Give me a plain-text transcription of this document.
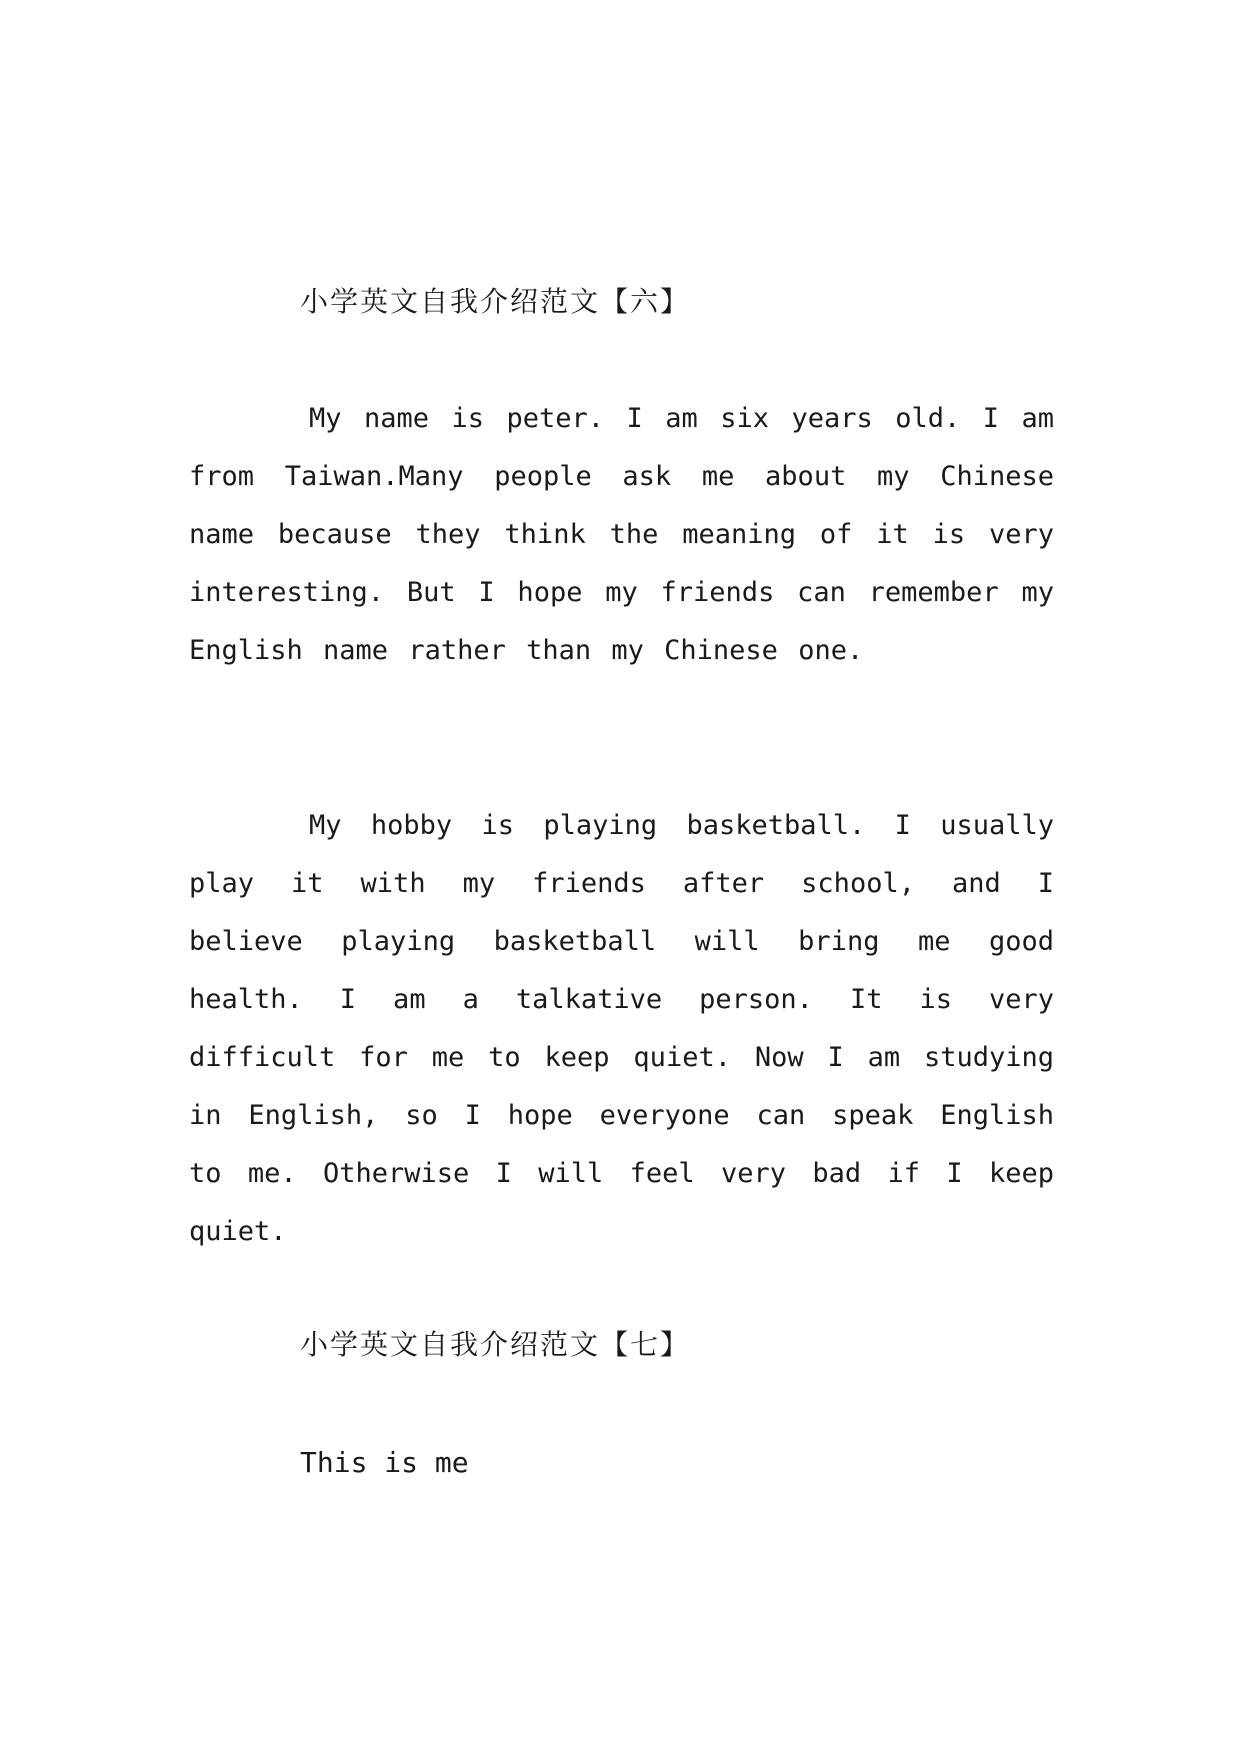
小学英文自我介绍范文【六】

My name is peter. I am six years old. I am from Taiwan.Many people ask me about my Chinese name because they think the meaning of it is very interesting. But I hope my friends can remember my English name rather than my Chinese one.

My hobby is playing basketball. I usually play it with my friends after school, and I believe playing basketball will bring me good health. I am a talkative person. It is very difficult for me to keep quiet. Now I am studying in English, so I hope everyone can speak English to me. Otherwise I will feel very bad if I keep quiet.

小学英文自我介绍范文【七】

This is me
